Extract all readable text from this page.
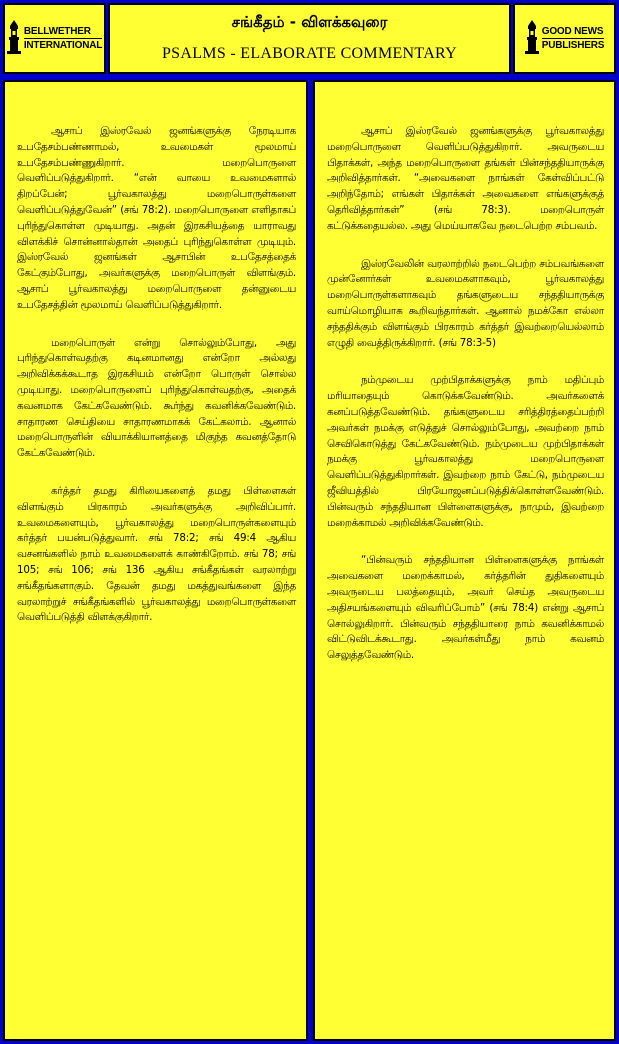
BELLWETHER
INTERNATIONAL
சங்கீதம் - விளக்கவுரை
PSALMS - ELABORATE COMMENTARY
GOOD NEWS
PUBLISHERS

ஆசாப் இஸ்ரவேல் ஜனங்களுக்கு நேரடியாக உபதேசம்பண்ணாமல், உவமைகள் மூலமாய் உபதேசம்பண்ணுகிறார். மறைபொருளை வெளிப்படுத்துகிறார். “என் வாயை உவமைகளால் திறப்பேன்; பூர்வகாலத்து மறைபொருள்களை வெளிப்படுத்துவேன்” (சங் 78:2). மறைபொருளை எளிதாகப் புரிந்துகொள்ள முடியாது. அதன் இரகசியத்தை யாராவது விளக்கிச் சொன்னால்தான் அதைப் புரிந்துகொள்ள முடியும். இஸ்ரவேல் ஜனங்கள் ஆசாபின் உபதேசத்தைக் கேட்கும்போது, அவர்களுக்கு மறைபொருள் விளங்கும். ஆசாப் பூர்வகாலத்து மறைபொருளை தன்னுடைய உபதேசத்தின் மூலமாய் வெளிப்படுத்துகிறார்.

மறைபொருள் என்று சொல்லும்போது, அது புரிந்துகொள்வதற்கு கடினமானது என்றோ அல்லது அறிவிக்கக்கூடாத இரகசியம் என்றோ பொருள் சொல்ல முடியாது. மறைபொருளைப் புரிந்துகொள்வதற்கு, அதைக் கவனமாக கேட்கவேண்டும். கூர்ந்து கவனிக்கவேண்டும். சாதாரண செய்தியை சாதாரணமாகக் கேட்கலாம். ஆனால் மறைபொருளின் வியாக்கியானத்தை மிகுந்த கவனத்தோடு கேட்கவேண்டும்.

கர்த்தர் தமது கிரியைகளைத் தமது பிள்ளைகள் விளங்கும் பிரகாரம் அவர்களுக்கு அறிவிப்பார். உவமைகளையும், பூர்வகாலத்து மறைபொருள்களையும் கர்த்தர் பயன்படுத்துவார். சங் 78:2; சங் 49:4 ஆகிய வசனங்களில் நாம் உவமைகளைக் காண்கிறோம். சங் 78; சங் 105; சங் 106; சங் 136 ஆகிய சங்கீதங்கள் வரலாற்று சங்கீதங்களாகும். தேவன் தமது மகத்துவங்களை இந்த வரலாற்றுச் சங்கீதங்களில் பூர்வகாலத்து மறைபொருள்களை வெளிப்படுத்தி விளக்குகிறார்.

ஆசாப் இஸ்ரவேல் ஜனங்களுக்கு பூர்வகாலத்து மறைபொருளை வெளிப்படுத்துகிறார். அவருடைய பிதாக்கள், அந்த மறைபொருளை தங்கள் பின்சந்ததியாருக்கு அறிவித்தார்கள். “அவைகளை நாங்கள் கேள்விப்பட்டு அறிந்தோம்; எங்கள் பிதாக்கள் அவைகளை எங்களுக்குத் தெரிவித்தார்கள்” (சங் 78:3). மறைபொருள் கட்டுக்கதையல்ல. அது மெய்யாகவே நடைபெற்ற சம்பவம்.

இஸ்ரவேலின் வரலாற்றில் நடைபெற்ற சம்பவங்களை முன்னோர்கள் உவமைகளாகவும், பூர்வகாலத்து மறைபொருள்களாகவும் தங்களுடைய சந்ததியாருக்கு வாய்மொழியாக கூறிவந்தார்கள். ஆனால் நமக்கோ எல்லா சந்ததிக்கும் விளங்கும் பிரகாரம் கர்த்தர் இவற்றையெல்லாம் எழுதி வைத்திருக்கிறார். (சங் 78:3-5)

நம்முடைய முற்பிதாக்களுக்கு நாம் மதிப்பும் மரியாதையும் கொடுக்கவேண்டும். அவர்களைக் கனப்படுத்தவேண்டும். தங்களுடைய சரித்திரத்தைப்பற்றி அவர்கள் நமக்கு எடுத்துச் சொல்லும்போது, அவற்றை நாம் செவிகொடுத்து கேட்கவேண்டும். நம்முடைய முற்பிதாக்கள் நமக்கு பூர்வகாலத்து மறைபொருளை வெளிப்படுத்துகிறார்கள். இவற்றை நாம் கேட்டு, நம்முடைய ஜீவியத்தில் பிரயோஜனப்படுத்திக்கொள்ளவேண்டும். பின்வரும் சந்ததியான பிள்ளைகளுக்கு, நாமும், இவற்றை மறைக்காமல் அறிவிக்கவேண்டும்.

“பின்வரும் சந்ததியான பிள்ளைகளுக்கு நாங்கள் அவைகளை மறைக்காமல், கர்த்தரின் துதிகளையும் அவருடைய பலத்தையும், அவர் செய்த அவருடைய அதிசயங்களையும் விவரிப்போம்” (சங் 78:4) என்று ஆசாப் சொல்லுகிறார். பின்வரும் சந்ததியாரை நாம் கவனிக்காமல் விட்டுவிடக்கூடாது. அவர்கள்மீது நாம் கவனம் செலுத்தவேண்டும்.
